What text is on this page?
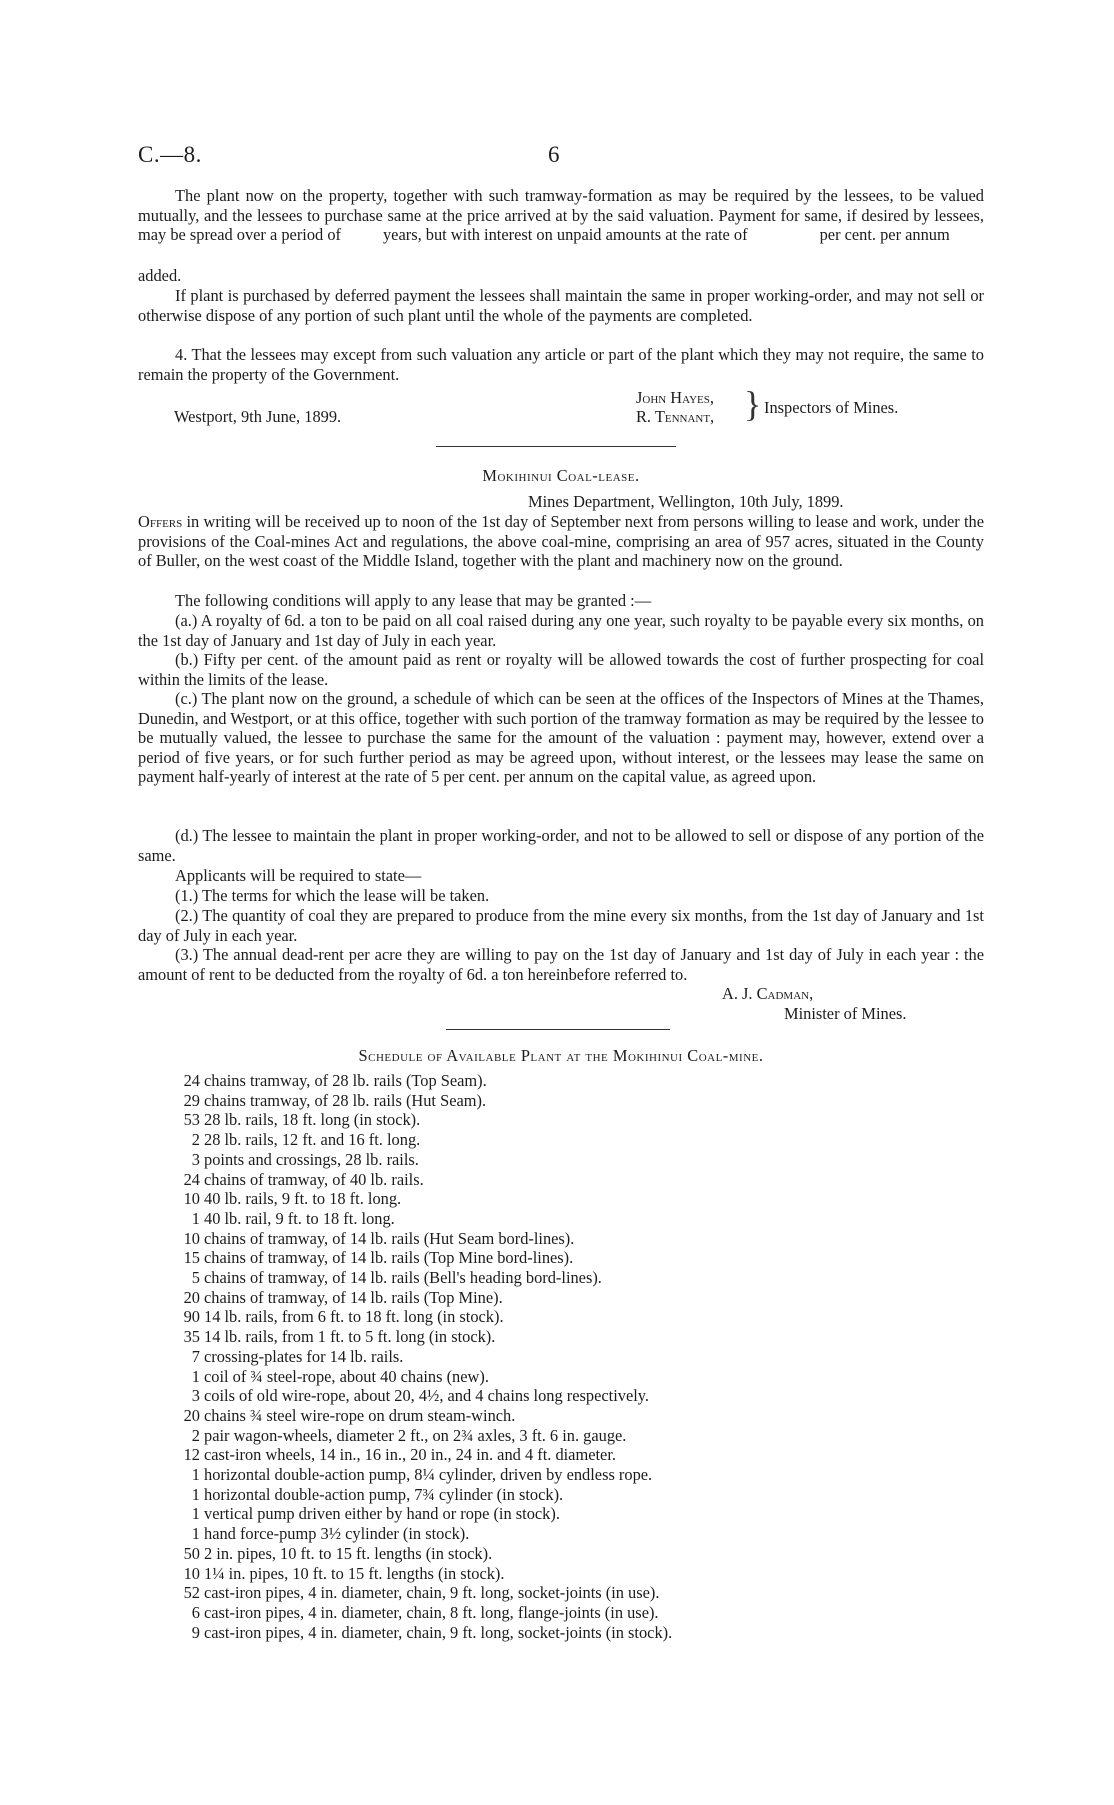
C.—8.	6
The plant now on the property, together with such tramway-formation as may be required by the lessees, to be valued mutually, and the lessees to purchase same at the price arrived at by the said valuation. Payment for same, if desired by lessees, may be spread over a period of	years, but with interest on unpaid amounts at the rate of	per cent. per annum
added.
If plant is purchased by deferred payment the lessees shall maintain the same in proper working-order, and may not sell or otherwise dispose of any portion of such plant until the whole of the payments are completed.
4. That the lessees may except from such valuation any article or part of the plant which they may not require, the same to remain the property of the Government.
Westport, 9th June, 1899.
John Hayes,
R. Tennant, } Inspectors of Mines.
Mokihinui Coal-lease.
Mines Department, Wellington, 10th July, 1899.
Offers in writing will be received up to noon of the 1st day of September next from persons willing to lease and work, under the provisions of the Coal-mines Act and regulations, the above coal-mine, comprising an area of 957 acres, situated in the County of Buller, on the west coast of the Middle Island, together with the plant and machinery now on the ground.
The following conditions will apply to any lease that may be granted :—
(a.) A royalty of 6d. a ton to be paid on all coal raised during any one year, such royalty to be payable every six months, on the 1st day of January and 1st day of July in each year.
(b.) Fifty per cent. of the amount paid as rent or royalty will be allowed towards the cost of further prospecting for coal within the limits of the lease.
(c.) The plant now on the ground, a schedule of which can be seen at the offices of the Inspectors of Mines at the Thames, Dunedin, and Westport, or at this office, together with such portion of the tramway formation as may be required by the lessee to be mutually valued, the lessee to purchase the same for the amount of the valuation : payment may, however, extend over a period of five years, or for such further period as may be agreed upon, without interest, or the lessees may lease the same on payment half-yearly of interest at the rate of 5 per cent. per annum on the capital value, as agreed upon.
(d.) The lessee to maintain the plant in proper working-order, and not to be allowed to sell or dispose of any portion of the same.
Applicants will be required to state—
(1.) The terms for which the lease will be taken.
(2.) The quantity of coal they are prepared to produce from the mine every six months, from the 1st day of January and 1st day of July in each year.
(3.) The annual dead-rent per acre they are willing to pay on the 1st day of January and 1st day of July in each year : the amount of rent to be deducted from the royalty of 6d. a ton hereinbefore referred to.
A. J. Cadman,
Minister of Mines.
Schedule of Available Plant at the Mokihinui Coal-mine.
24 chains tramway, of 28 lb. rails (Top Seam).
29 chains tramway, of 28 lb. rails (Hut Seam).
53 28 lb. rails, 18 ft. long (in stock).
2 28 lb. rails, 12 ft. and 16 ft. long.
3 points and crossings, 28 lb. rails.
24 chains of tramway, of 40 lb. rails.
10 40 lb. rails, 9 ft. to 18 ft. long.
1 40 lb. rail, 9 ft. to 18 ft. long.
10 chains of tramway, of 14 lb. rails (Hut Seam bord-lines).
15 chains of tramway, of 14 lb. rails (Top Mine bord-lines).
5 chains of tramway, of 14 lb. rails (Bell's heading bord-lines).
20 chains of tramway, of 14 lb. rails (Top Mine).
90 14 lb. rails, from 6 ft. to 18 ft. long (in stock).
35 14 lb. rails, from 1 ft. to 5 ft. long (in stock).
7 crossing-plates for 14 lb. rails.
1 coil of ¾ steel-rope, about 40 chains (new).
3 coils of old wire-rope, about 20, 4½, and 4 chains long respectively.
20 chains ¾ steel wire-rope on drum steam-winch.
2 pair wagon-wheels, diameter 2 ft., on 2¾ axles, 3 ft. 6 in. gauge.
12 cast-iron wheels, 14 in., 16 in., 20 in., 24 in. and 4 ft. diameter.
1 horizontal double-action pump, 8¼ cylinder, driven by endless rope.
1 horizontal double-action pump, 7¾ cylinder (in stock).
1 vertical pump driven either by hand or rope (in stock).
1 hand force-pump 3½ cylinder (in stock).
50 2 in. pipes, 10 ft. to 15 ft. lengths (in stock).
10 1¼ in. pipes, 10 ft. to 15 ft. lengths (in stock).
52 cast-iron pipes, 4 in. diameter, chain, 9 ft. long, socket-joints (in use).
6 cast-iron pipes, 4 in. diameter, chain, 8 ft. long, flange-joints (in use).
9 cast-iron pipes, 4 in. diameter, chain, 9 ft. long, socket-joints (in stock).
